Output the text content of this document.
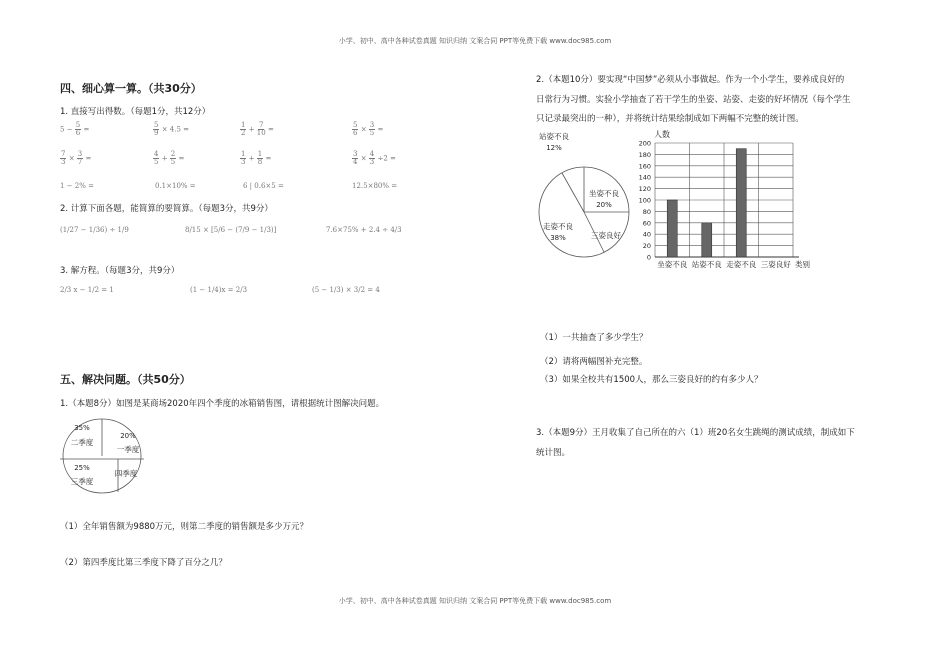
小学、初中、高中各种试卷真题 知识归纳 文案合同 PPT等免费下载 www.doc985.com
小学、初中、高中各种试卷真题 知识归纳 文案合同 PPT等免费下载 www.doc985.com
四、细心算一算。（共30分）
1. 直接写出得数。（每题1分，共12分）
$5 - \frac{5}{6}$ =	$\frac{5}{9} \times 4.5$ =	$\frac{1}{2} + \frac{7}{10}$ =	$\frac{5}{6} \times \frac{3}{5}$ =
$\frac{7}{3} \times \frac{3}{7}$ =	$\frac{4}{5} + \frac{2}{5}$ =	$\frac{1}{3} + \frac{1}{8}$ =	$\frac{3}{4} \times \frac{4}{3} \div 2$ =
1 − 2% =	0.1×10% =	6 | 0.6×5 =	12.5×80% =
2. 计算下面各题，能简算的要简算。（每题3分，共9分）
(1/27 − 1/36) ÷ 1/9	8/15 × [5/6 − (7/9 − 1/3)]	7.6×75% + 2.4 ÷ 4/3
3. 解方程。（每题3分，共9分）
2/3 x − 1/2 = 1	(1 − 1/4)x = 2/3	(5 − 1/3) × 3/2 = 4
五、解决问题。（共50分）
1.（本题8分）如图是某商场2020年四个季度的冰箱销售图，请根据统计图解决问题。
35%
二季度
20%
一季度
四季度
25%
三季度
（1）全年销售额为9880万元，则第二季度的销售额是多少万元？
（2）第四季度比第三季度下降了百分之几？
2.（本题10分）要实现“中国梦”必须从小事做起。作为一个小学生，要养成良好的
日常行为习惯。实验小学抽查了若干学生的坐姿、站姿、走姿的好坏情况（每个学生
只记录最突出的一种），并将统计结果绘制成如下两幅不完整的统计图。
站姿不良
12%
坐姿不良
20%
三姿良好
走姿不良
38%
人数
0
20
40
60
80
100
120
140
160
180
200
坐姿不良 站姿不良 走姿不良 三姿良好 类别
（1）一共抽查了多少学生？
（2）请将两幅图补充完整。
（3）如果全校共有1500人，那么三姿良好的约有多少人？
3.（本题9分）王月收集了自己所在的六（1）班20名女生跳绳的测试成绩，制成如下
统计图。
